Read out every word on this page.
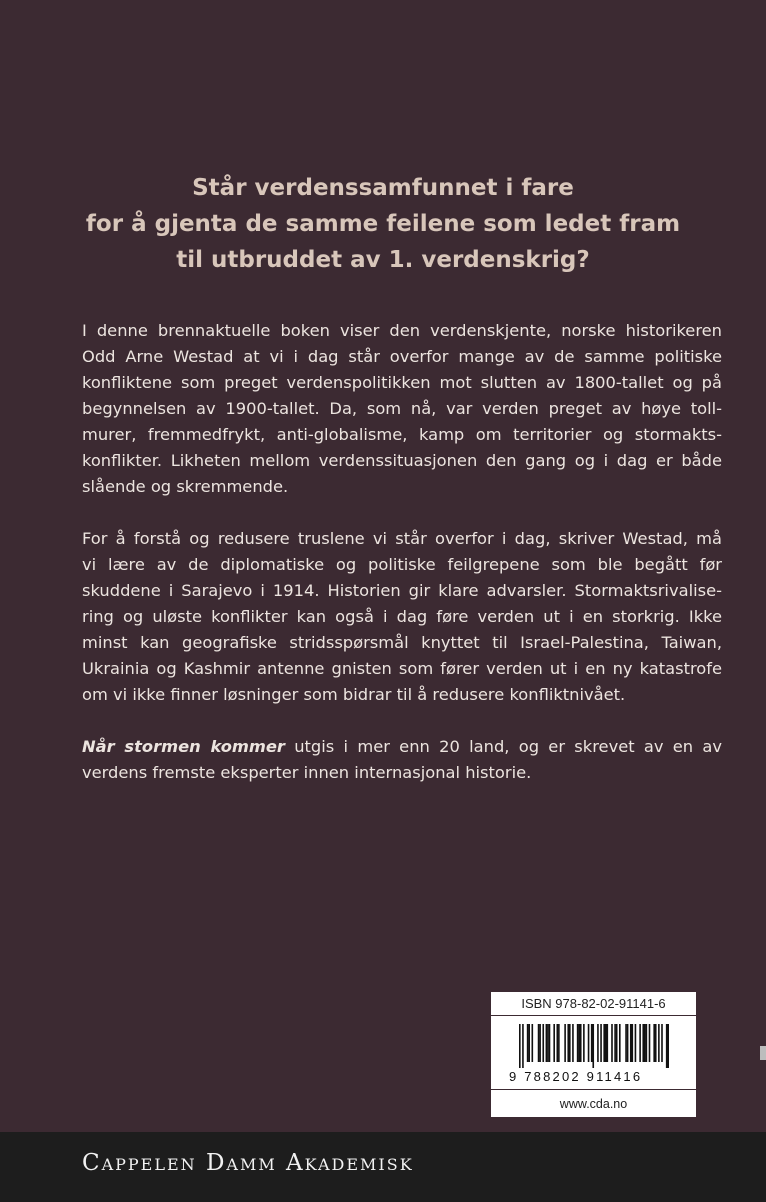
Står verdenssamfunnet i fare
for å gjenta de samme feilene som ledet fram
til utbruddet av 1. verdenskrig?

I denne brennaktuelle boken viser den verdenskjente, norske historikeren
Odd Arne Westad at vi i dag står overfor mange av de samme politiske
konfliktene som preget verdenspolitikken mot slutten av 1800-tallet og på
begynnelsen av 1900-tallet. Da, som nå, var verden preget av høye toll-
murer, fremmedfrykt, anti-globalisme, kamp om territorier og stormakts-
konflikter. Likheten mellom verdenssituasjonen den gang og i dag er både
slående og skremmende.

For å forstå og redusere truslene vi står overfor i dag, skriver Westad, må
vi lære av de diplomatiske og politiske feilgrepene som ble begått før
skuddene i Sarajevo i 1914. Historien gir klare advarsler. Stormaktsrivalise-
ring og uløste konflikter kan også i dag føre verden ut i en storkrig. Ikke
minst kan geografiske stridsspørsmål knyttet til Israel-Palestina, Taiwan,
Ukrainia og Kashmir antenne gnisten som fører verden ut i en ny katastrofe
om vi ikke finner løsninger som bidrar til å redusere konfliktnivået.

Når stormen kommer utgis i mer enn 20 land, og er skrevet av en av
verdens fremste eksperter innen internasjonal historie.

ISBN 978-82-02-91141-6
9 788202 911416
www.cda.no
Cappelen Damm Akademisk
